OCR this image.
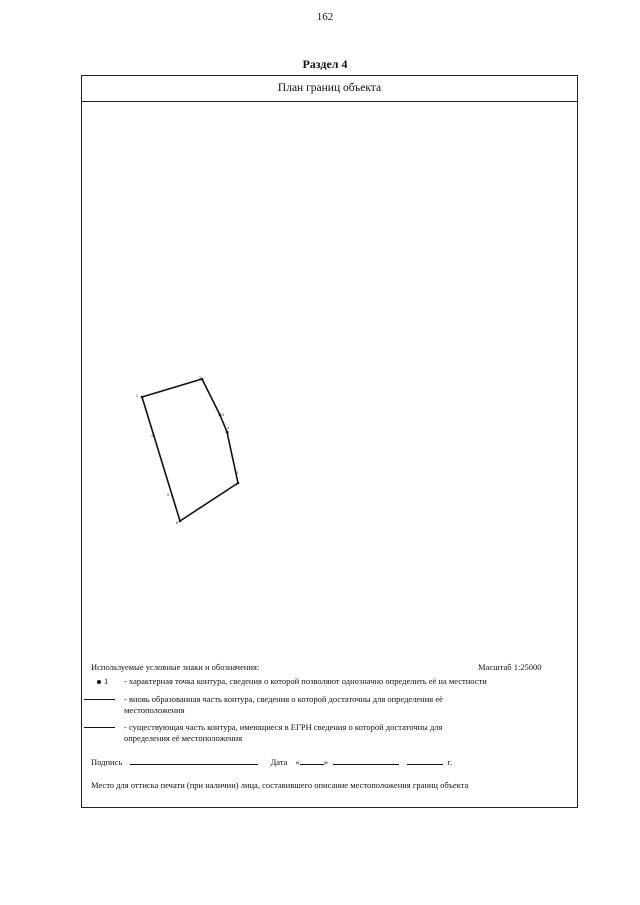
162
Раздел 4
План границ объекта
1
2
3
4
5
6
7
8
9
10
Используемые условные знаки и обозначения:	Масштаб 1:25000
1 - характерная точка контура, сведения о которой позволяют однозначно определить её на местности
- вновь образованная часть контура, сведения о которой достаточны для определения её
местоположения
- существующая часть контура, имеющиеся в ЕГРН сведения о которой достаточны для
определения её местоположения
Подпись	Дата «	»	г.
Место для оттиска печати (при наличии) лица, составившего описание местоположения границ объекта
